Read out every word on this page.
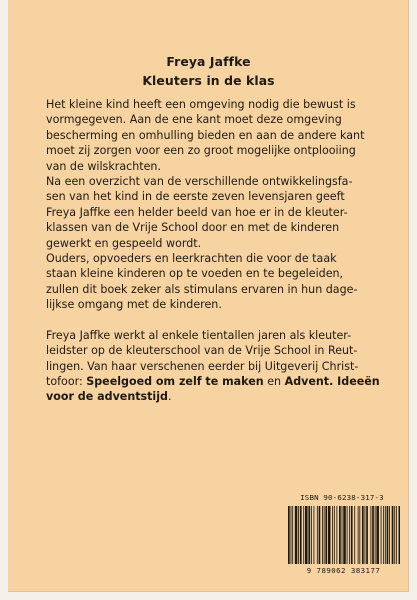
Freya Jaffke
Kleuters in de klas
Het kleine kind heeft een omgeving nodig die bewust is
vormgegeven. Aan de ene kant moet deze omgeving
bescherming en omhulling bieden en aan de andere kant
moet zij zorgen voor een zo groot mogelijke ontplooiing
van de wilskrachten.
Na een overzicht van de verschillende ontwikkelingsfa-
sen van het kind in de eerste zeven levensjaren geeft
Freya Jaffke een helder beeld van hoe er in de kleuter-
klassen van de Vrije School door en met de kinderen
gewerkt en gespeeld wordt.
Ouders, opvoeders en leerkrachten die voor de taak
staan kleine kinderen op te voeden en te begeleiden,
zullen dit boek zeker als stimulans ervaren in hun dage-
lijkse omgang met de kinderen.
Freya Jaffke werkt al enkele tientallen jaren als kleuter-
leidster op de kleuterschool van de Vrije School in Reut-
lingen. Van haar verschenen eerder bij Uitgeverij Christ-
tofoor: Speelgoed om zelf te maken en Advent. Ideeën
voor de adventstijd.
ISBN 90-6238-317-3
9 789062 383177
